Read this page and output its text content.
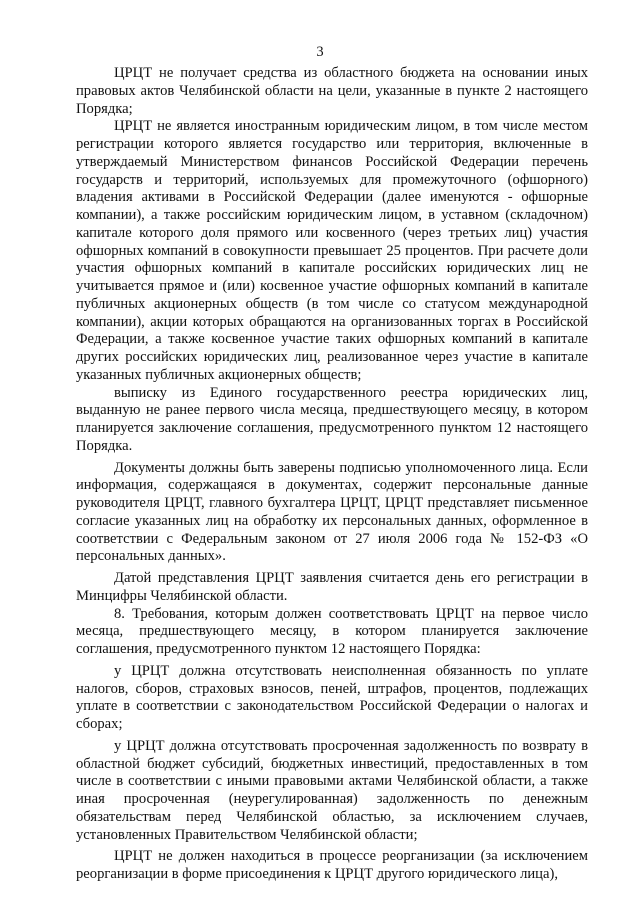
3

ЦРЦТ не получает средства из областного бюджета на основании иных правовых актов Челябинской области на цели, указанные в пункте 2 настоящего Порядка;

ЦРЦТ не является иностранным юридическим лицом, в том числе местом регистрации которого является государство или территория, включенные в утверждаемый Министерством финансов Российской Федерации перечень государств и территорий, используемых для промежуточного (офшорного) владения активами в Российской Федерации (далее именуются - офшорные компании), а также российским юридическим лицом, в уставном (складочном) капитале которого доля прямого или косвенного (через третьих лиц) участия офшорных компаний в совокупности превышает 25 процентов. При расчете доли участия офшорных компаний в капитале российских юридических лиц не учитывается прямое и (или) косвенное участие офшорных компаний в капитале публичных акционерных обществ (в том числе со статусом международной компании), акции которых обращаются на организованных торгах в Российской Федерации, а также косвенное участие таких офшорных компаний в капитале других российских юридических лиц, реализованное через участие в капитале указанных публичных акционерных обществ;

выписку из Единого государственного реестра юридических лиц, выданную не ранее первого числа месяца, предшествующего месяцу, в котором планируется заключение соглашения, предусмотренного пунктом 12 настоящего Порядка.

Документы должны быть заверены подписью уполномоченного лица. Если информация, содержащаяся в документах, содержит персональные данные руководителя ЦРЦТ, главного бухгалтера ЦРЦТ, ЦРЦТ представляет письменное согласие указанных лиц на обработку их персональных данных, оформленное в соответствии с Федеральным законом от 27 июля 2006 года № 152-ФЗ «О персональных данных».

Датой представления ЦРЦТ заявления считается день его регистрации в Минцифры Челябинской области.

8. Требования, которым должен соответствовать ЦРЦТ на первое число месяца, предшествующего месяцу, в котором планируется заключение соглашения, предусмотренного пунктом 12 настоящего Порядка:

у ЦРЦТ должна отсутствовать неисполненная обязанность по уплате налогов, сборов, страховых взносов, пеней, штрафов, процентов, подлежащих уплате в соответствии с законодательством Российской Федерации о налогах и сборах;

у ЦРЦТ должна отсутствовать просроченная задолженность по возврату в областной бюджет субсидий, бюджетных инвестиций, предоставленных в том числе в соответствии с иными правовыми актами Челябинской области, а также иная просроченная (неурегулированная) задолженность по денежным обязательствам перед Челябинской областью, за исключением случаев, установленных Правительством Челябинской области;

ЦРЦТ не должен находиться в процессе реорганизации (за исключением реорганизации в форме присоединения к ЦРЦТ другого юридического лица),
